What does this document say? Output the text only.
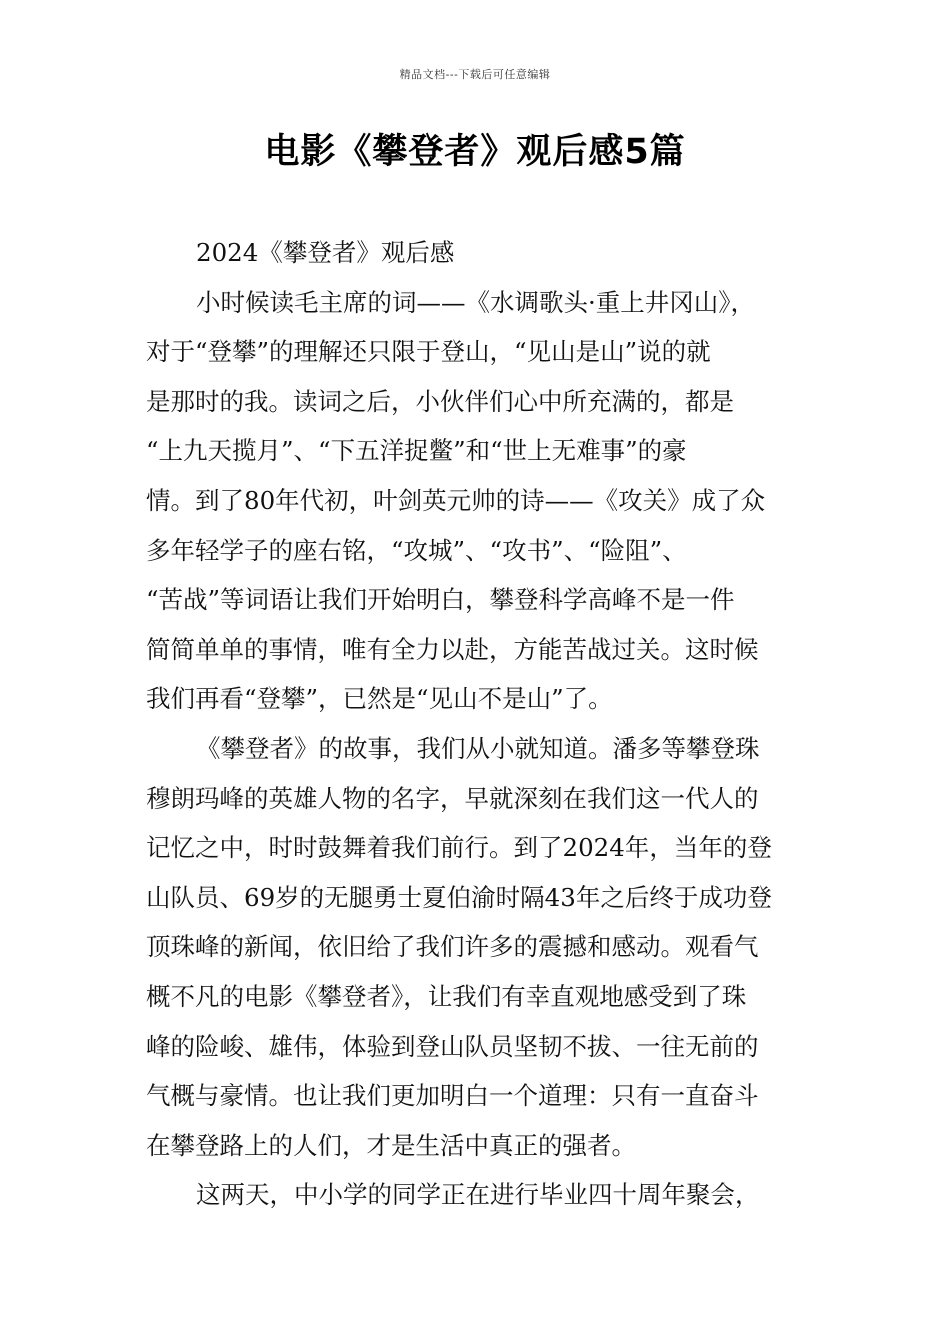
精品文档---下载后可任意编辑
电影《攀登者》观后感5篇
2024《攀登者》观后感
小时候读毛主席的词——《水调歌头·重上井冈山》，
对于“登攀”的理解还只限于登山，“见山是山”说的就
是那时的我。读词之后，小伙伴们心中所充满的，都是
“上九天揽月”、“下五洋捉鳖”和“世上无难事”的豪
情。到了80年代初，叶剑英元帅的诗——《攻关》成了众
多年轻学子的座右铭，“攻城”、“攻书”、“险阻”、
“苦战”等词语让我们开始明白，攀登科学高峰不是一件
简简单单的事情，唯有全力以赴，方能苦战过关。这时候
我们再看“登攀”，已然是“见山不是山”了。
《攀登者》的故事，我们从小就知道。潘多等攀登珠
穆朗玛峰的英雄人物的名字，早就深刻在我们这一代人的
记忆之中，时时鼓舞着我们前行。到了2024年，当年的登
山队员、69岁的无腿勇士夏伯渝时隔43年之后终于成功登
顶珠峰的新闻，依旧给了我们许多的震撼和感动。观看气
概不凡的电影《攀登者》，让我们有幸直观地感受到了珠
峰的险峻、雄伟，体验到登山队员坚韧不拔、一往无前的
气概与豪情。也让我们更加明白一个道理：只有一直奋斗
在攀登路上的人们，才是生活中真正的强者。
这两天，中小学的同学正在进行毕业四十周年聚会，
